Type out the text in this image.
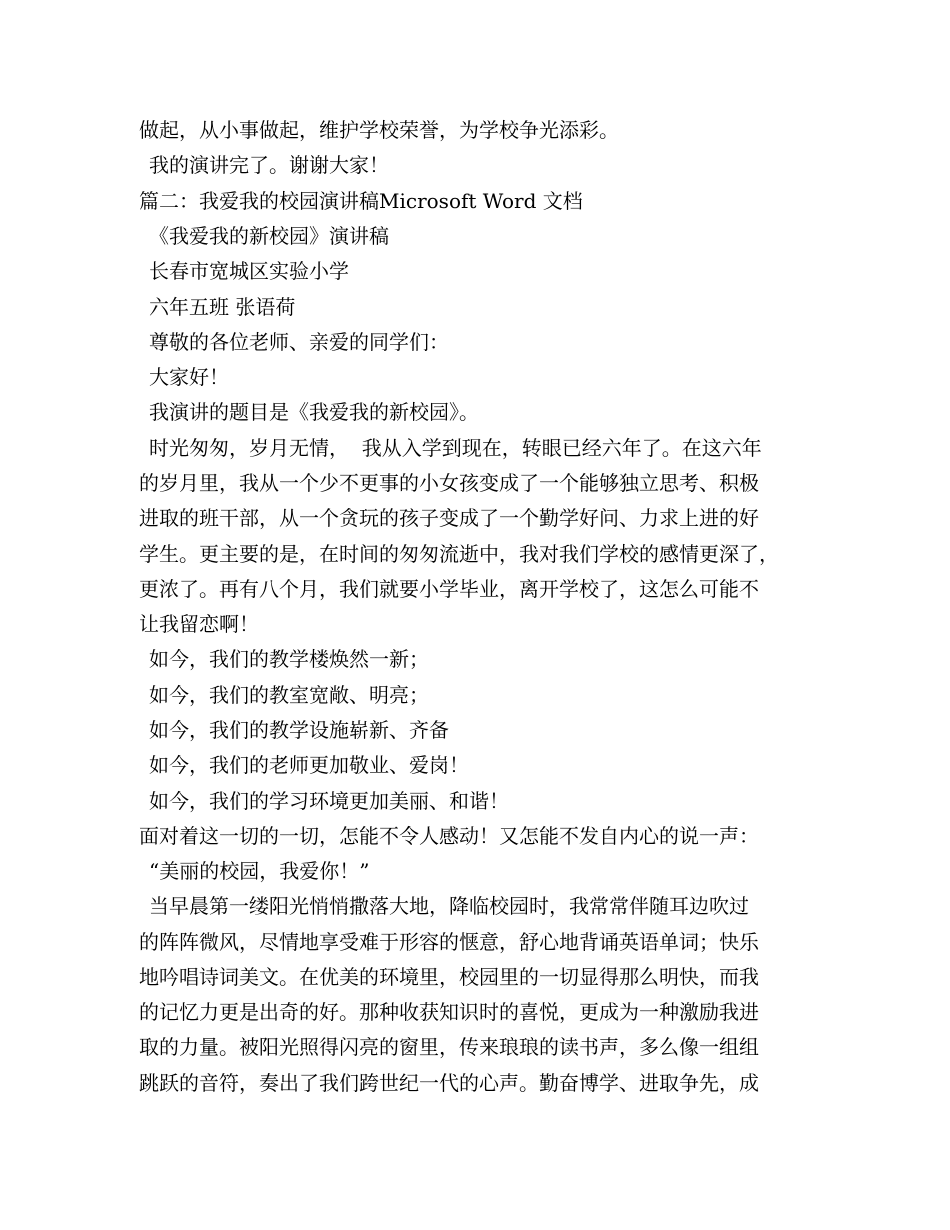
做起，从小事做起，维护学校荣誉，为学校争光添彩。
我的演讲完了。谢谢大家！
篇二：我爱我的校园演讲稿Microsoft Word 文档
《我爱我的新校园》演讲稿
长春市宽城区实验小学
六年五班 张语荷
尊敬的各位老师、亲爱的同学们：
大家好！
我演讲的题目是《我爱我的新校园》。
时光匆匆，岁月无情，  我从入学到现在，转眼已经六年了。在这六年
的岁月里，我从一个少不更事的小女孩变成了一个能够独立思考、积极
进取的班干部，从一个贪玩的孩子变成了一个勤学好问、力求上进的好
学生。更主要的是，在时间的匆匆流逝中，我对我们学校的感情更深了，
更浓了。再有八个月，我们就要小学毕业，离开学校了，这怎么可能不
让我留恋啊！
如今，我们的教学楼焕然一新；
如今，我们的教室宽敞、明亮；
如今，我们的教学设施崭新、齐备
如今，我们的老师更加敬业、爱岗！
如今，我们的学习环境更加美丽、和谐！
面对着这一切的一切，怎能不令人感动！又怎能不发自内心的说一声：
“美丽的校园，我爱你！”
当早晨第一缕阳光悄悄撒落大地，降临校园时，我常常伴随耳边吹过
的阵阵微风，尽情地享受难于形容的惬意，舒心地背诵英语单词；快乐
地吟唱诗词美文。在优美的环境里，校园里的一切显得那么明快，而我
的记忆力更是出奇的好。那种收获知识时的喜悦，更成为一种激励我进
取的力量。被阳光照得闪亮的窗里，传来琅琅的读书声，多么像一组组
跳跃的音符，奏出了我们跨世纪一代的心声。勤奋博学、进取争先，成
